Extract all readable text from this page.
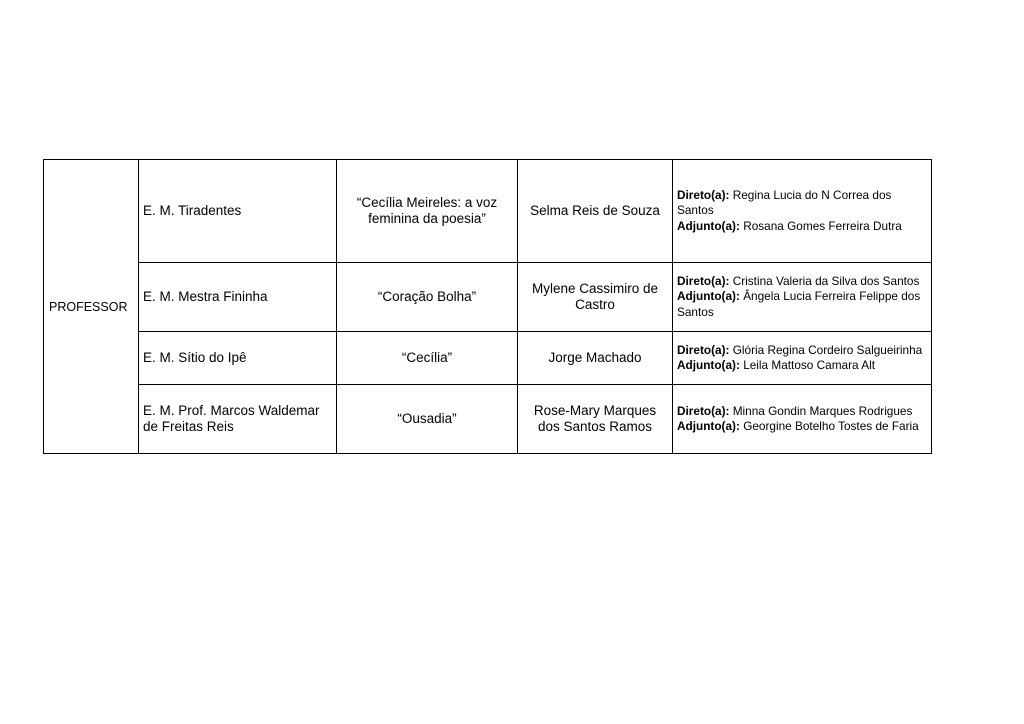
PROFESSOR	E. M. Tiradentes	“Cecília Meireles: a voz feminina da poesia”	Selma Reis de Souza	Direto(a): Regina Lucia do N Correa dos Santos
Adjunto(a): Rosana Gomes Ferreira Dutra
	E. M. Mestra Fininha	“Coração Bolha”	Mylene Cassimiro de Castro	Direto(a): Cristina Valeria da Silva dos Santos
Adjunto(a): Ângela Lucia Ferreira Felippe dos Santos
	E. M. Sítio do Ipê	“Cecília”	Jorge Machado	Direto(a): Glória Regina Cordeiro Salgueirinha
Adjunto(a): Leila Mattoso Camara Alt
	E. M. Prof. Marcos Waldemar de Freitas Reis	“Ousadia”	Rose-Mary Marques dos Santos Ramos	Direto(a): Minna Gondin Marques Rodrigues
Adjunto(a): Georgine Botelho Tostes de Faria
